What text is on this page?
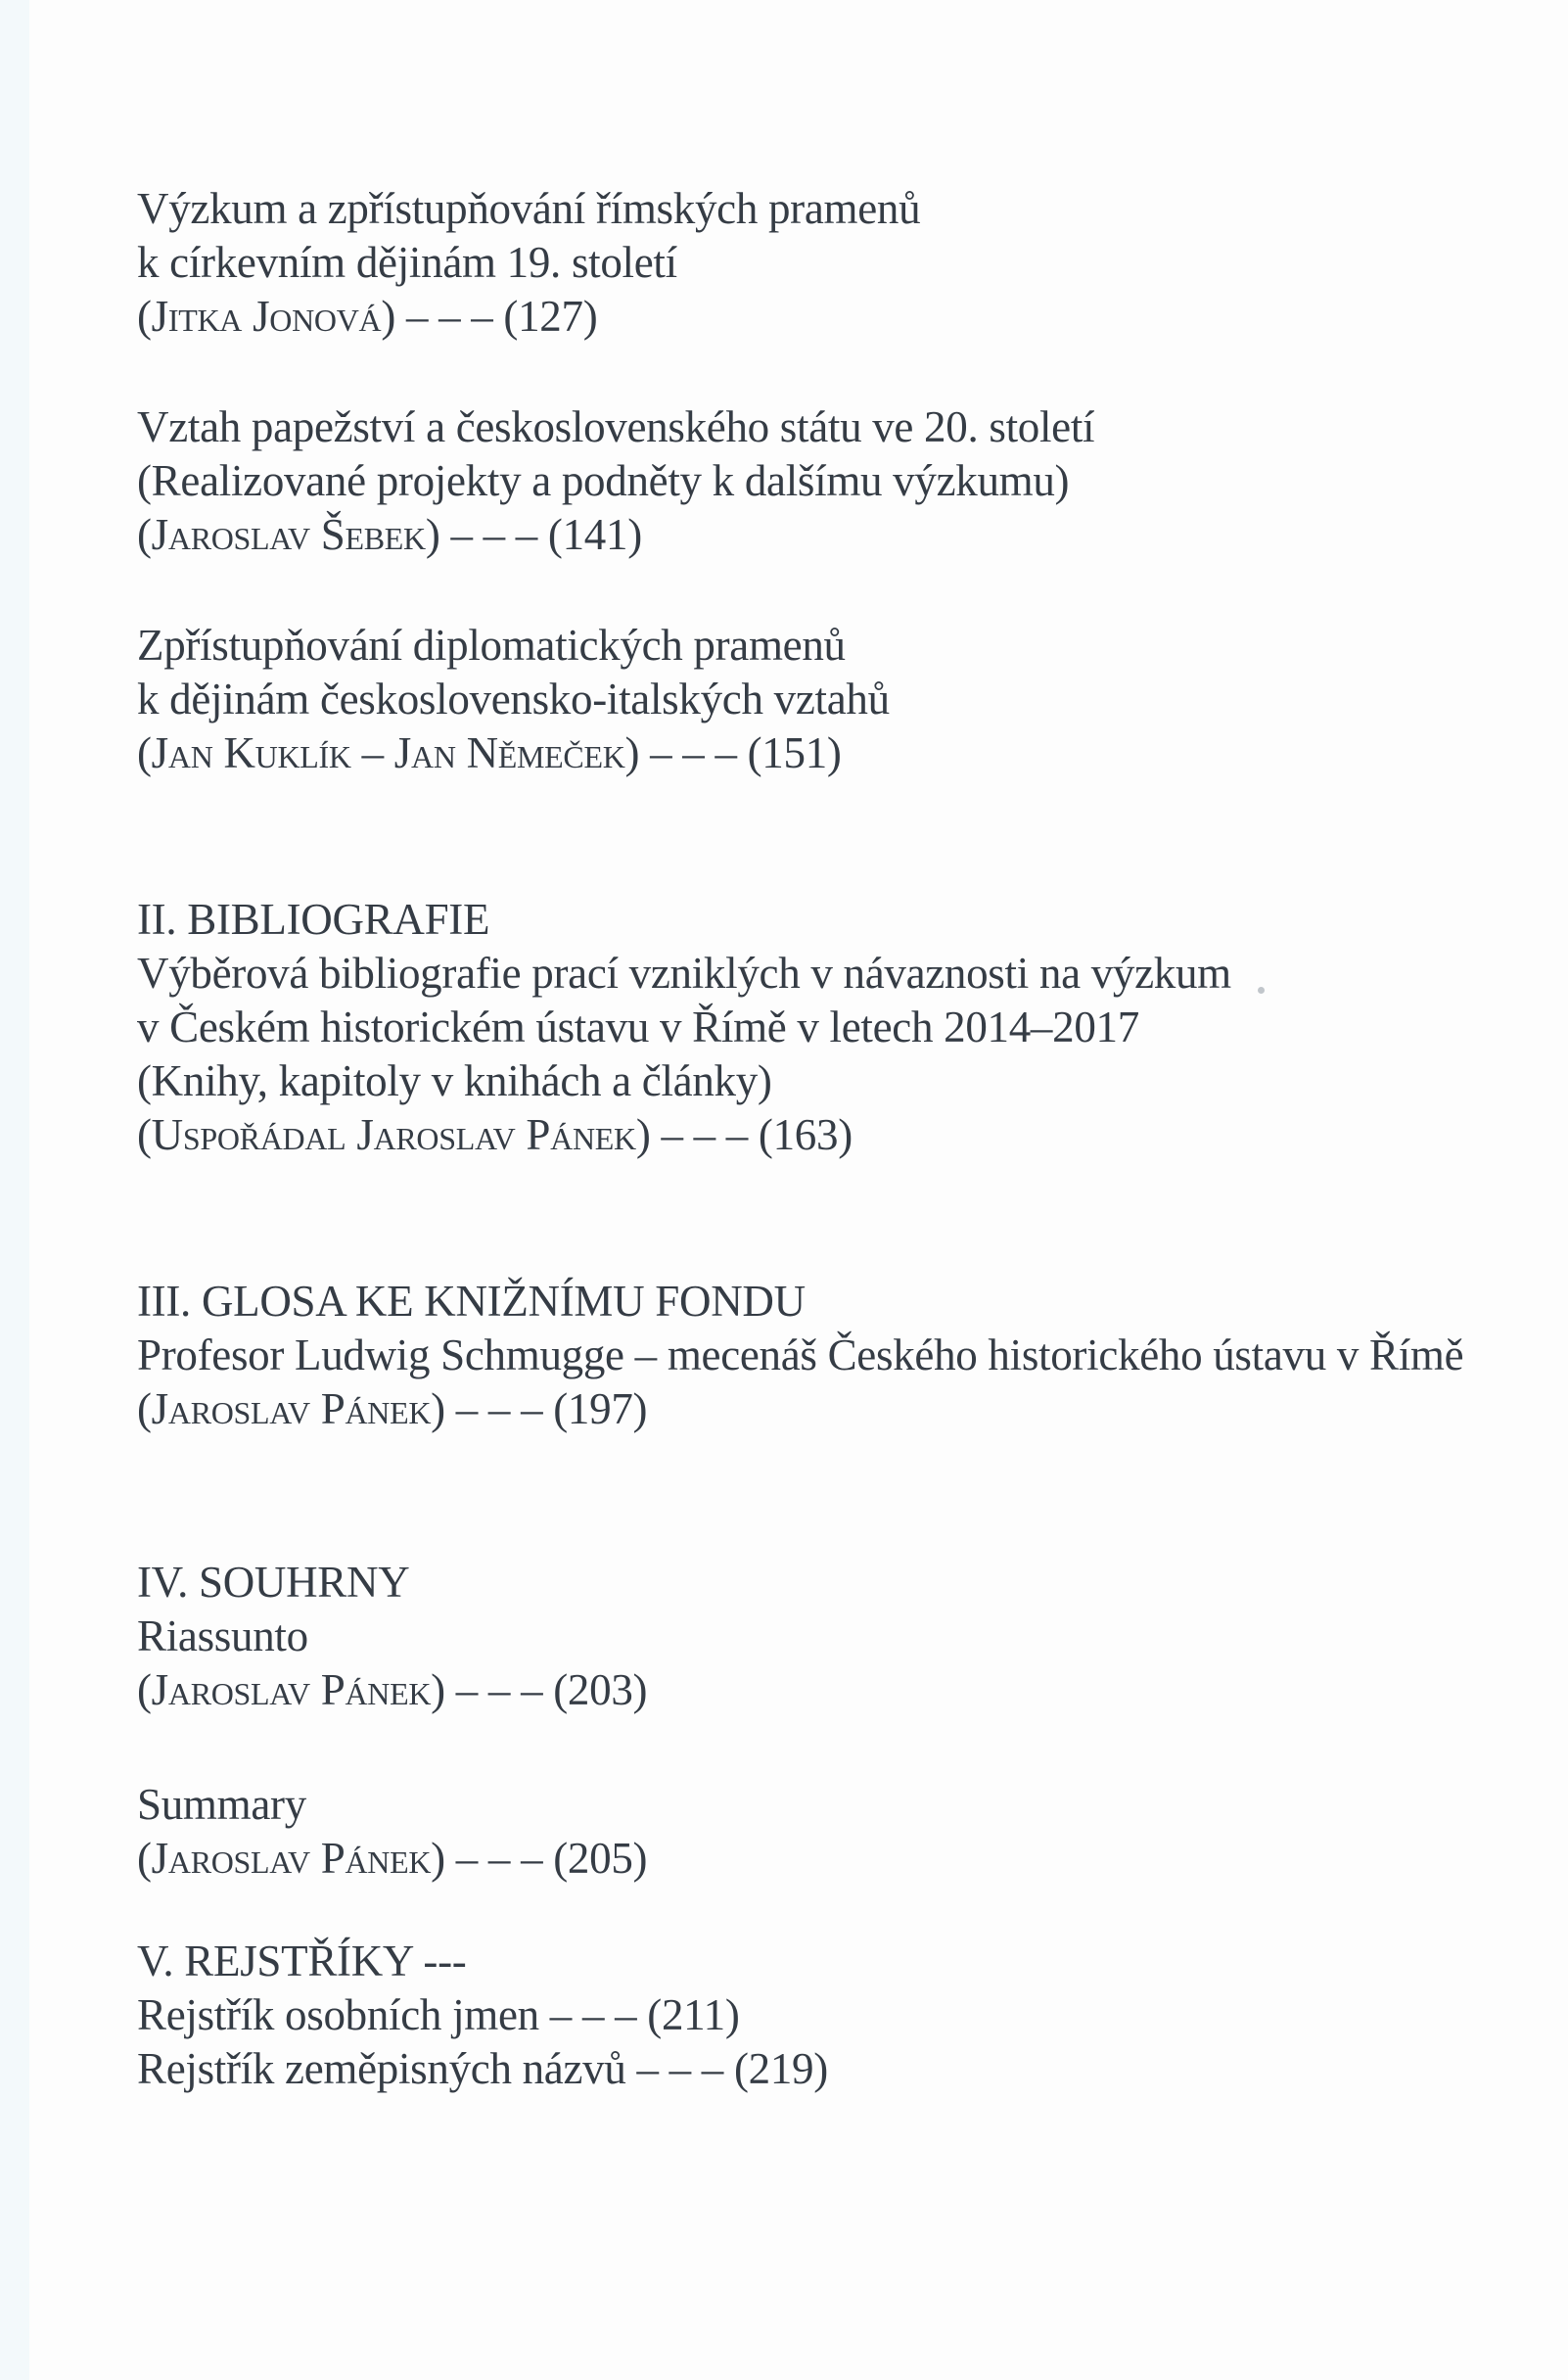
Výzkum a zpřístupňování římských pramenů
k církevním dějinám 19. století
(Jitka Jonová) – – – (127)
Vztah papežství a československého státu ve 20. století
(Realizované projekty a podněty k dalšímu výzkumu)
(Jaroslav Šebek) – – – (141)
Zpřístupňování diplomatických pramenů
k dějinám československo-italských vztahů
(Jan Kuklík – Jan Němeček) – – – (151)
II. BIBLIOGRAFIE
Výběrová bibliografie prací vzniklých v návaznosti na výzkum
v Českém historickém ústavu v Římě v letech 2014–2017
(Knihy, kapitoly v knihách a články)
(Uspořádal Jaroslav Pánek) – – – (163)
III. GLOSA KE KNIŽNÍMU FONDU
Profesor Ludwig Schmugge – mecenáš Českého historického ústavu v Římě
(Jaroslav Pánek) – – – (197)
IV. SOUHRNY
Riassunto
(Jaroslav Pánek) – – – (203)
Summary
(Jaroslav Pánek) – – – (205)
V. REJSTŘÍKY ---
Rejstřík osobních jmen – – – (211)
Rejstřík zeměpisných názvů – – – (219)
